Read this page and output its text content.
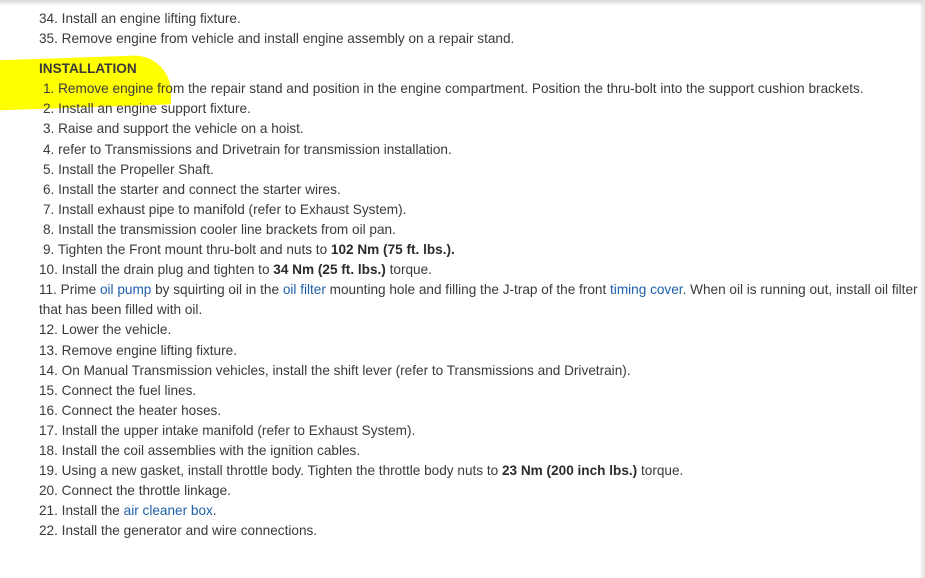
34. Install an engine lifting fixture.
35. Remove engine from vehicle and install engine assembly on a repair stand.
INSTALLATION
1. Remove engine from the repair stand and position in the engine compartment. Position the thru-bolt into the support cushion brackets.
2. Install an engine support fixture.
3. Raise and support the vehicle on a hoist.
4. refer to Transmissions and Drivetrain for transmission installation.
5. Install the Propeller Shaft.
6. Install the starter and connect the starter wires.
7. Install exhaust pipe to manifold (refer to Exhaust System).
8. Install the transmission cooler line brackets from oil pan.
9. Tighten the Front mount thru-bolt and nuts to 102 Nm (75 ft. lbs.).
10. Install the drain plug and tighten to 34 Nm (25 ft. lbs.) torque.
11. Prime oil pump by squirting oil in the oil filter mounting hole and filling the J-trap of the front timing cover. When oil is running out, install oil filter that has been filled with oil.
12. Lower the vehicle.
13. Remove engine lifting fixture.
14. On Manual Transmission vehicles, install the shift lever (refer to Transmissions and Drivetrain).
15. Connect the fuel lines.
16. Connect the heater hoses.
17. Install the upper intake manifold (refer to Exhaust System).
18. Install the coil assemblies with the ignition cables.
19. Using a new gasket, install throttle body. Tighten the throttle body nuts to 23 Nm (200 inch lbs.) torque.
20. Connect the throttle linkage.
21. Install the air cleaner box.
22. Install the generator and wire connections.
